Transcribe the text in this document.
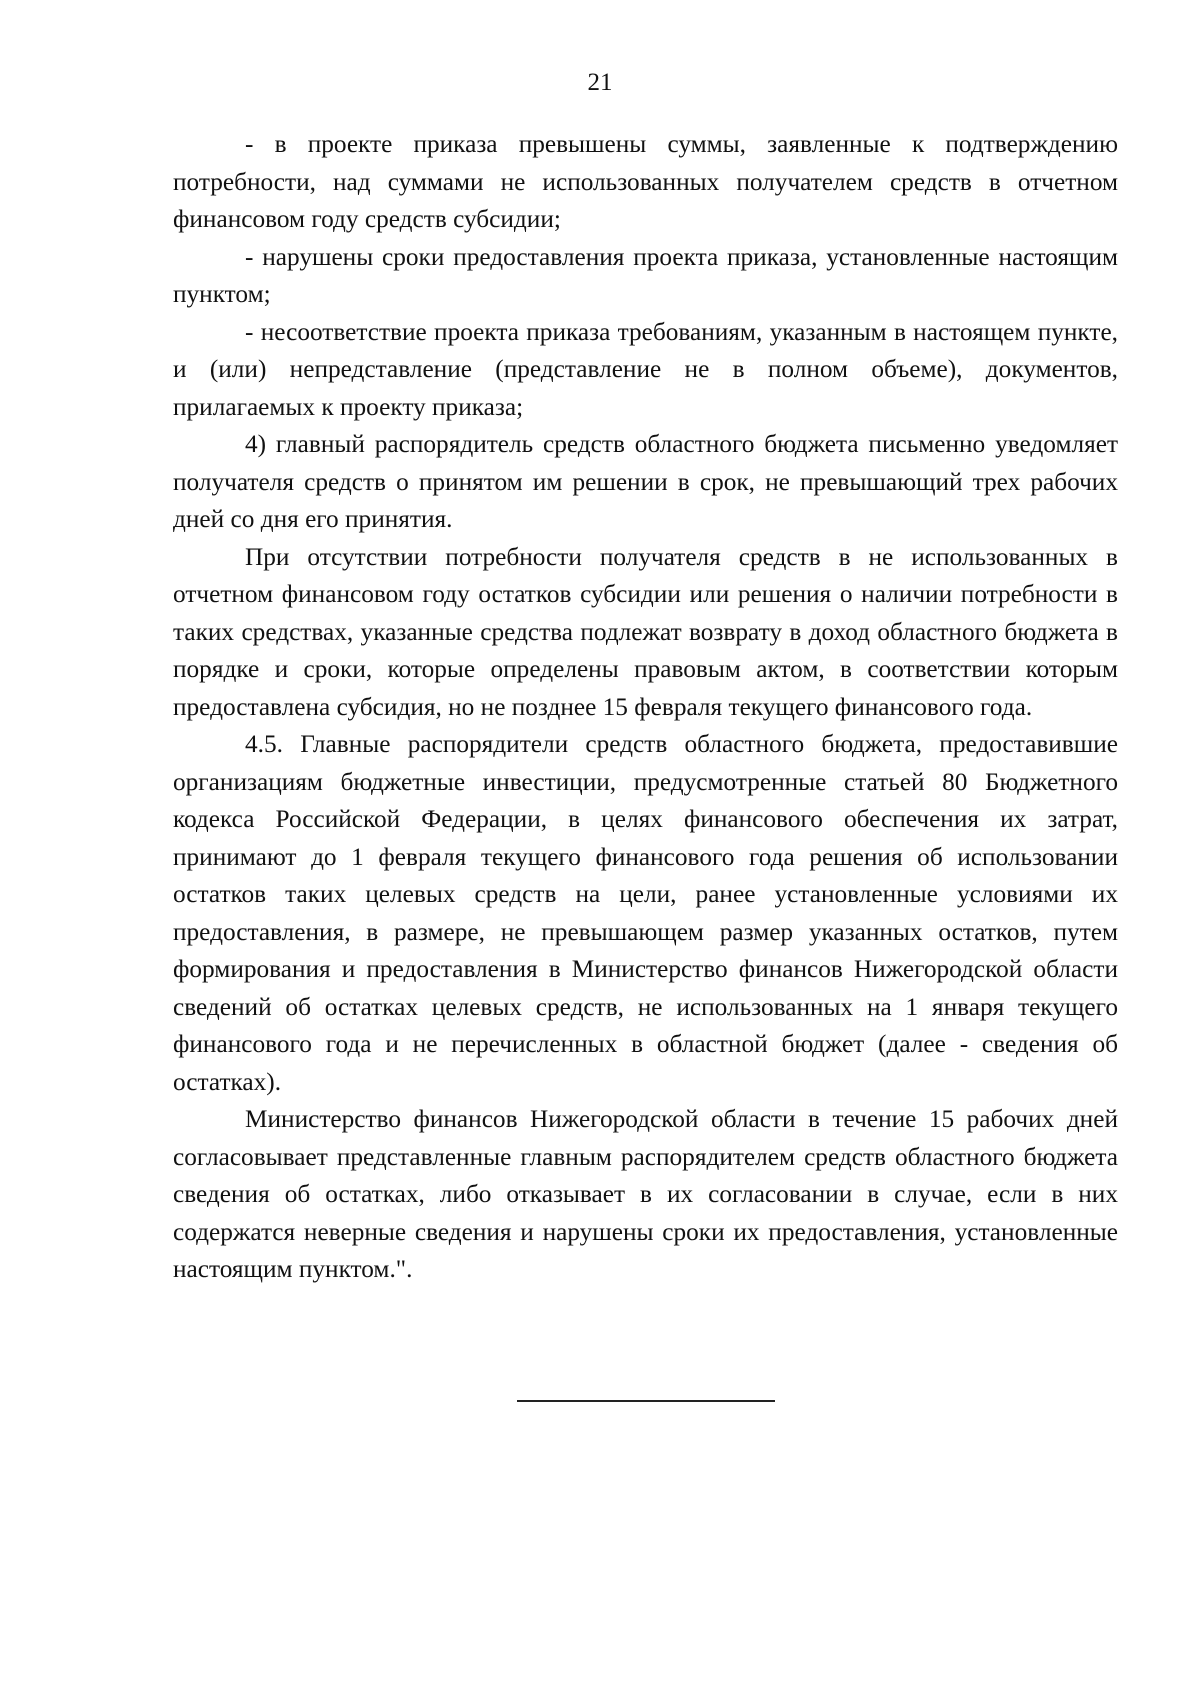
21

- в проекте приказа превышены суммы, заявленные к подтверждению потребности, над суммами не использованных получателем средств в отчетном финансовом году средств субсидии;

- нарушены сроки предоставления проекта приказа, установленные настоящим пунктом;

- несоответствие проекта приказа требованиям, указанным в настоящем пункте, и (или) непредставление (представление не в полном объеме), документов, прилагаемых к проекту приказа;

4) главный распорядитель средств областного бюджета письменно уведомляет получателя средств о принятом им решении в срок, не превышающий трех рабочих дней со дня его принятия.

При отсутствии потребности получателя средств в не использованных в отчетном финансовом году остатков субсидии или решения о наличии потребности в таких средствах, указанные средства подлежат возврату в доход областного бюджета в порядке и сроки, которые определены правовым актом, в соответствии которым предоставлена субсидия, но не позднее 15 февраля текущего финансового года.

4.5. Главные распорядители средств областного бюджета, предоставившие организациям бюджетные инвестиции, предусмотренные статьей 80 Бюджетного кодекса Российской Федерации, в целях финансового обеспечения их затрат, принимают до 1 февраля текущего финансового года решения об использовании остатков таких целевых средств на цели, ранее установленные условиями их предоставления, в размере, не превышающем размер указанных остатков, путем формирования и предоставления в Министерство финансов Нижегородской области сведений об остатках целевых средств, не использованных на 1 января текущего финансового года и не перечисленных в областной бюджет (далее - сведения об остатках).

Министерство финансов Нижегородской области в течение 15 рабочих дней согласовывает представленные главным распорядителем средств областного бюджета сведения об остатках, либо отказывает в их согласовании в случае, если в них содержатся неверные сведения и нарушены сроки их предоставления, установленные настоящим пунктом.".
